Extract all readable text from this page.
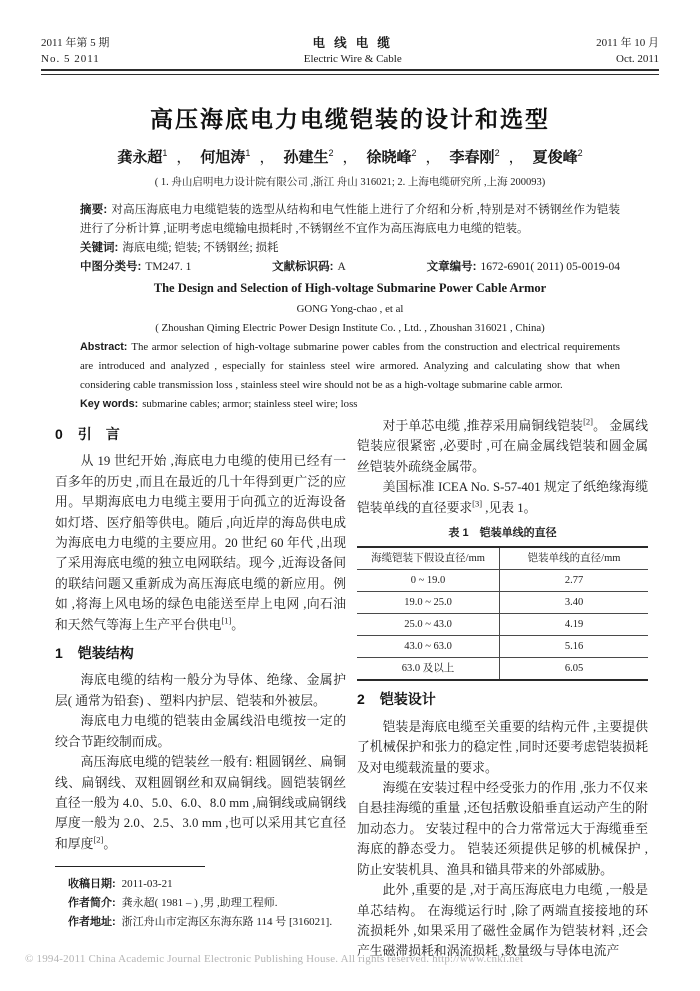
2011 年第 5 期
No. 5 2011
电 线 电 缆
Electric Wire & Cable
2011 年 10 月
Oct. 2011
高压海底电力电缆铠装的设计和选型
龚永超$^1$ ， 何旭涛$^1$ ， 孙建生$^2$ ， 徐晓峰$^2$ ， 李春刚$^2$ ， 夏俊峰$^2$
( 1. 舟山启明电力设计院有限公司 ,浙江 舟山 316021; 2. 上海电缆研究所 ,上海 200093)
摘要: 对高压海底电力电缆铠装的选型从结构和电气性能上进行了介绍和分析 ,特别是对不锈钢丝作为铠装进行了分析计算 ,证明考虑电缆输电损耗时 ,不锈钢丝不宜作为高压海底电力电缆的铠装。
关键词: 海底电缆; 铠装; 不锈钢丝; 损耗
中图分类号: TM247. 1	文献标识码: A	文章编号: 1672-6901( 2011) 05-0019-04
The Design and Selection of High-voltage Submarine Power Cable Armor
GONG Yong-chao , et al
( Zhoushan Qiming Electric Power Design Institute Co. , Ltd. , Zhoushan 316021 , China)
Abstract: The armor selection of high-voltage submarine power cables from the construction and electrical requirements are introduced and analyzed , especially for stainless steel wire armored. Analyzing and calculating show that when considering cable transmission loss , stainless steel wire should not be as a high-voltage submarine cable armor.
Key words: submarine cables; armor; stainless steel wire; loss
0 引　言

从 19 世纪开始 ,海底电力电缆的使用已经有一百多年的历史 ,而且在最近的几十年得到更广泛的应用。早期海底电力电缆主要用于向孤立的近海设备如灯塔、医疗船等供电。随后 ,向近岸的海岛供电成为海底电力电缆的主要应用。20 世纪 60 年代 ,出现了采用海底电缆的独立电网联结。现今 ,近海设备间的联结问题又重新成为高压海底电缆的新应用。例如 ,将海上风电场的绿色电能送至岸上电网 ,向石油和天然气等海上生产平台供电[1]。

1 铠装结构

海底电缆的结构一般分为导体、绝缘、金属护层( 通常为铅套) 、塑料内护层、铠装和外被层。

海底电力电缆的铠装由金属线沿电缆按一定的绞合节距绞制而成。

高压海底电缆的铠装丝一般有: 粗圆钢丝、扁铜线、扁钢线、双粗圆钢丝和双扁铜线。圆铠装钢丝直径一般为 4.0、5.0、6.0、8.0 mm ,扁铜线或扁钢线厚度一般为 2.0、2.5、3.0 mm ,也可以采用其它直径和厚度[2]。

收稿日期: 2011-03-21
作者简介: 龚永超( 1981 – ) ,男 ,助理工程师.
作者地址: 浙江舟山市定海区东海东路 114 号 [316021].

对于单芯电缆 ,推荐采用扁铜线铠装[2]。 金属线铠装应很紧密 ,必要时 ,可在扁金属线铠装和圆金属丝铠装外疏绕金属带。

美国标准 ICEA No. S-57-401 规定了纸绝缘海缆铠装单线的直径要求[3] ,见表 1。

表 1　铠装单线的直径
海缆铠装下假设直径/mm	铠装单线的直径/mm
0 ~ 19.0	2.77
19.0 ~ 25.0	3.40
25.0 ~ 43.0	4.19
43.0 ~ 63.0	5.16
63.0 及以上	6.05
2 铠装设计

铠装是海底电缆至关重要的结构元件 ,主要提供了机械保护和张力的稳定性 ,同时还要考虑铠装损耗及对电缆载流量的要求。

海缆在安装过程中经受张力的作用 ,张力不仅来自悬挂海缆的重量 ,还包括敷设船垂直运动产生的附加动态力。 安装过程中的合力常常远大于海缆垂至海底的静态受力。 铠装还须提供足够的机械保护 ,防止安装机具、渔具和锚具带来的外部威胁。

此外 ,重要的是 ,对于高压海底电力电缆 ,一般是单芯结构。 在海缆运行时 ,除了两端直接接地的环流损耗外 ,如果采用了磁性金属作为铠装材料 ,还会产生磁滞损耗和涡流损耗 ,数量级与导体电流产

© 1994-2011 China Academic Journal Electronic Publishing House. All rights reserved. http://www.cnki.net
